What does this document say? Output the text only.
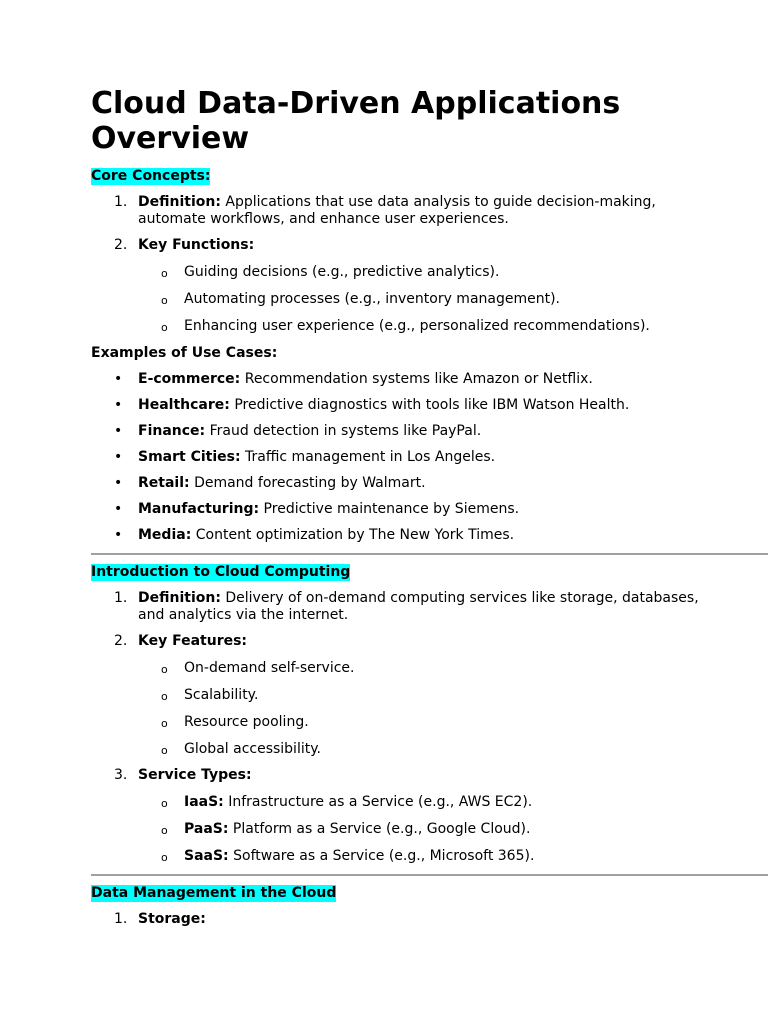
Cloud Data-Driven Applications Overview
Core Concepts:
1. Definition: Applications that use data analysis to guide decision-making, automate workflows, and enhance user experiences.
2. Key Functions:
o Guiding decisions (e.g., predictive analytics).
o Automating processes (e.g., inventory management).
o Enhancing user experience (e.g., personalized recommendations).
Examples of Use Cases:
• E-commerce: Recommendation systems like Amazon or Netflix.
• Healthcare: Predictive diagnostics with tools like IBM Watson Health.
• Finance: Fraud detection in systems like PayPal.
• Smart Cities: Traffic management in Los Angeles.
• Retail: Demand forecasting by Walmart.
• Manufacturing: Predictive maintenance by Siemens.
• Media: Content optimization by The New York Times.
Introduction to Cloud Computing
1. Definition: Delivery of on-demand computing services like storage, databases, and analytics via the internet.
2. Key Features:
o On-demand self-service.
o Scalability.
o Resource pooling.
o Global accessibility.
3. Service Types:
o IaaS: Infrastructure as a Service (e.g., AWS EC2).
o PaaS: Platform as a Service (e.g., Google Cloud).
o SaaS: Software as a Service (e.g., Microsoft 365).
Data Management in the Cloud
1. Storage:
